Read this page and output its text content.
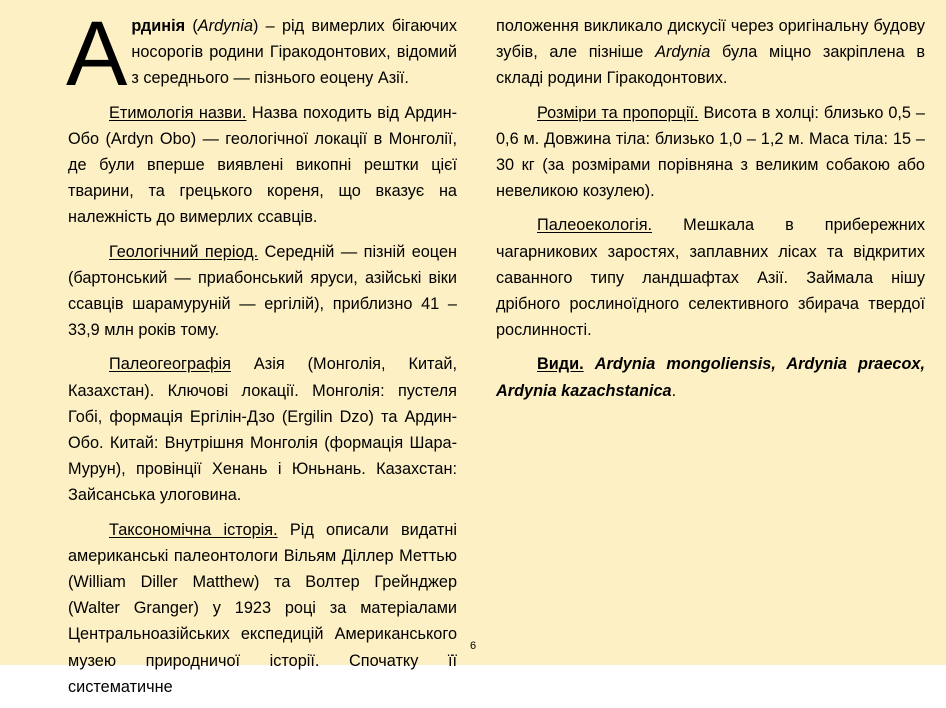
Ардинія (Ardynia) – рід вимерлих бігаючих носорогів родини Гіракодонтових, відомий з середнього — пізнього еоцену Азії.

Етимологія назви. Назва походить від Ардин-Обо (Ardyn Obo) — геологічної локації в Монголії, де були вперше виявлені викопні рештки цієї тварини, та грецького кореня, що вказує на належність до вимерлих ссавців.

Геологічний період. Середній — пізній еоцен (бартонський — приабонський яруси, азійські віки ссавців шарамуруній — ергілій), приблизно 41 – 33,9 млн років тому.

Палеогеографія Азія (Монголія, Китай, Казахстан). Ключові локації. Монголія: пустеля Гобі, формація Ергілін-Дзо (Ergilin Dzo) та Ардин-Обо. Китай: Внутрішня Монголія (формація Шара-Мурун), провінції Хенань і Юньнань. Казахстан: Зайсанська улоговина.

Таксономічна історія. Рід описали видатні американські палеонтологи Вільям Діллер Меттью (William Diller Matthew) та Волтер Грейнджер (Walter Granger) у 1923 році за матеріалами Центральноазійських експедицій Американського музею природничої історії. Спочатку її систематичне

положення викликало дискусії через оригінальну будову зубів, але пізніше Ardynia була міцно закріплена в складі родини Гіракодонтових.

Розміри та пропорції. Висота в холці: близько 0,5 – 0,6 м. Довжина тіла: близько 1,0 – 1,2 м. Маса тіла: 15 – 30 кг (за розмірами порівняна з великим собакою або невеликою козулею).

Палеоекологія. Мешкала в прибережних чагарникових заростях, заплавних лісах та відкритих саванного типу ландшафтах Азії. Займала нішу дрібного рослиноїдного селективного збирача твердої рослинності.

Види. Ardynia mongoliensis, Ardynia praecox, Ardynia kazachstanica.

6
